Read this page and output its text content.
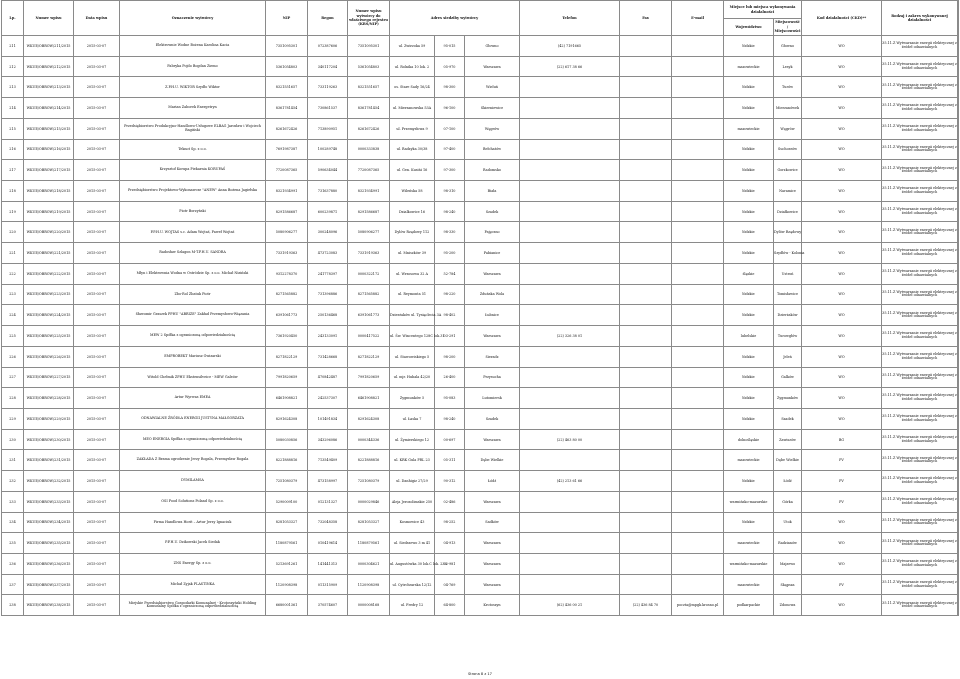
Lp.	Numer wpisu	Data wpisu	Oznaczenie wytwórcy	NIP	Regon	Numer wpisu wytwórcy do właściwego rejestru (KRS/NIP)	Adres siedziby wytwórcy			Telefon	Fax	E-mail	Miejsce lub miejsca wykonywania działalności		Kod działalności (CKD)**	Rodzaj i zakres wykonywanej działalności	
													Województwo	Miejscowość / Miejscowości			
211	WKUE/OBROW/211/2015	2015-03-07	Elektrownie Wodne Bożena Karolina Kacia	7351095301	072387606	7351095301	ul. Zwirzoka 59	95-015	Głowno	(42) 7191665			łódzkie	Głowno	WO	35.11.Z Wytwarzanie energii elektrycznej z źródeł odnawialnych	
212	WKUE/OBROW/212/2015	2015-03-07	Fabryka Pojdo Bogdan Ziemo	5361054803	340117204	5361054803	ul. Rolnika 10 lok. 2	05-970	Warszawa	(22) 617 38 66			mazowieckie	Lesyk	WO	35.11.Z Wytwarzanie energii elektrycznej z źródeł odnawialnych	
213	WKUE/OBROW/213/2015	2015-03-07	Z.P.H.U. WIKTOR Szydło Wiktor	8321551657	733119263	8321551657	os. Stare Sady 16/24	98-300	Wieluń				łódzkie	Turów	WO	35.11.Z Wytwarzanie energii elektrycznej z źródeł odnawialnych	
214	WKUE/OBROW/214/2015	2015-03-07	Marian Zaborek Energetryn	8361781454	730861537	8361781454	ul. Mierzanowska 53A	96-100	Skierniewice				łódzkie	Mierzanówek	WO	35.11.Z Wytwarzanie energii elektrycznej z źródeł odnawialnych	
215	WKUE/OBROW/215/2015	2015-03-07	Przedsiębiorstwo Produkcyjno-Handlowo-Usługowe ELBAG Jarosław i Wojciech Bagiński	8261672426	713890951	8261672426	ul. Przemysłowa 9	07-100	Węgrów				mazowieckie	Węgrów	WO	35.11.Z Wytwarzanie energii elektrycznej z źródeł odnawialnych	
216	WKUE/OBROW/216/2015	2015-03-07	Teknot Sp. z o.o.	7691987387	100289748	0000333838	ul. Radzyka 30/38	97-400	Bełchatów				łódzkie	Suchorzów	WO	35.11.Z Wytwarzanie energii elektrycznej z źródeł odnawialnych	
217	WKUE/OBROW/217/2015	2015-03-07	Krzysztof Korupa Piekarnia KORUPAŚ	7720087365	590634044	7720087365	ul. Gen. Kusińi 16	97-300	Radomsko				łódzkie	Gorzkowice	WO	35.11.Z Wytwarzanie energii elektrycznej z źródeł odnawialnych	
218	WKUE/OBROW/218/2015	2015-03-07	Przedsiębiorstwo Projektowo-Wykonawcze "ANEW" Anna Bożena Jagiełska	8321934991	731637880	8321934991	Wileńska 58	98-310	Biała				łódzkie	Naramice	WO	35.11.Z Wytwarzanie energii elektrycznej z źródeł odnawialnych	
219	WKUE/OBROW/219/2015	2015-03-07	Piotr Borzyński	8291586687	600239871	8291586687	Dzialkowice 16	98-240	Szadek				łódzkie	Działkowice	WO	35.11.Z Wytwarzanie energii elektrycznej z źródeł odnawialnych	
220	WKUE/OBROW/220/2015	2015-03-07	P.P.H.U. WOJTAS s.c. Adam Wojtaś, Paweł Wojtaś	5080906277	300248096	5080906277	Dylów Rządowy 112	98-330	Pajęczno				łódzkie	Dylów Rządowy	WO	35.11.Z Wytwarzanie energii elektrycznej z źródeł odnawialnych	
221	WKUE/OBROW/221/2015	2015-03-07	Radosław Szlagon M-T.P.H.U. SANDRA	7331919363	473723083	7331919363	ul. Mniszków 39	95-200	Pabianice				łódzkie	Szydłów - Kolonia	WO	35.11.Z Wytwarzanie energii elektrycznej z źródeł odnawialnych	
222	WKUE/OBROW/222/2015	2015-03-07	Młyn i Elektrownia Wodna w Ostródzie Sp. z o.o. Michał Niziński	9312278370	241778397	0000322172	ul. Wrzosowa 32 A	52-784	Warszawa				śląskie	Ustroń	WO	35.11.Z Wytwarzanie energii elektrycznej z źródeł odnawialnych	
223	WKUE/OBROW/223/2015	2015-03-07	Zbo-Rol Zbatuk Piotr	8271565882	731396886	8271565882	ul. Reymonta 51	98-220	Zduńska Wola				łódzkie	Tomisławice	WO	35.11.Z Wytwarzanie energii elektrycznej z źródeł odnawialnych	
224	WKUE/OBROW/224/2015	2015-03-07	Sławomir Graszek PPHU "ABRIZE" Zakład Przemysłowo-Wiązania	6391061773	250136468	6391061773	Dzierżaków ul. Tysiąclecia 3A	98-402	Łubnice				łódzkie	Dzierżaków	WO	35.11.Z Wytwarzanie energii elektrycznej z źródeł odnawialnych	
225	WKUE/OBROW/225/2015	2015-03-07	MEW 2 Spółka z ograniczoną odpowiedzialnością	7361920450	243133091	0000417522	ul. Św. Wincentego 128C lok.31	03-291	Warszawa	(22) 326 38 01			lubelskie	Turowgłów	WO	35.11.Z Wytwarzanie energii elektrycznej z źródeł odnawialnych	
226	WKUE/OBROW/226/2015	2015-03-07	EMPROBEKT Mariusz Gwizarski	8271822129	731428668	8271822129	ul. Stawowiskiego 5	98-200	Sieradz				łódzkie	Jeleń	WO	35.11.Z Wytwarzanie energii elektrycznej z źródeł odnawialnych	
227	WKUE/OBROW/227/2015	2015-03-07	Witold Chełmik ZPHU Ekstensilveice - MEW Galeów	7991820659	470842487	7991820659	ul. mjr. Hubala 42/20	26-400	Przysucha				łódzkie	Galków	WO	35.11.Z Wytwarzanie energii elektrycznej z źródeł odnawialnych	
228	WKUE/OBROW/228/2015	2015-03-07	Artur Wyrwas EMEA	6461908821	242537307	6461908821	Zygmunków 5	95-083	Lutomiersk				łódzkie	Zygmunków	WO	35.11.Z Wytwarzanie energii elektrycznej z źródeł odnawialnych	
229	WKUE/OBROW/229/2015	2015-03-07	ODNAWIALNE ŹRÓDŁA ENERGII JUSTYNA MAŁGORZATA	8291624308	101491834	8291624308	ul. Łaska 7	98-240	Szadek				łódzkie	Szadek	WO	35.11.Z Wytwarzanie energii elektrycznej z źródeł odnawialnych	
230	WKUE/OBROW/230/2015	2015-03-07	MEO ENERGIA Spółka z ograniczoną odpowiedzialnością	5080030856	343296086	0000344336	ul. Żymierskiego 12	00-697	Warszawa	(22) 463 80 00			dolnośląskie	Zawiszów	BG	35.11.Z Wytwarzanie energii elektrycznej z źródeł odnawialnych	
231	WKUE/OBROW/231/2015	2015-03-07	ZAKŁADA Z Brama ogrodzenie Jerzy Rogala, Przemysław Rogala	8221888816	713549409	8221888816	ul. KRK Gula PRL 23	05-311	Dębe Wielkie				mazowieckie	Dębe Wielkie	PV	35.11.Z Wytwarzanie energii elektrycznej z źródeł odnawialnych	
232	WKUE/OBROW/232/2015	2015-03-07	DYMILAMSA	7251080379	473158997	7251080379	ul. Danhigiz 27/29	90-312	Łódź	(42) 213 61 66			łódzkie	Łódź	PV	35.11.Z Wytwarzanie energii elektrycznej z źródeł odnawialnych	
233	WKUE/OBROW/233/2015	2015-03-07	OSI Food Solutions Poland Sp. z o.o.	5290009100	012131327	0000029846	Aleja Jerozolimskie 250	02-486	Warszawa				warmińsko-mazurskie	Górka	PV	35.11.Z Wytwarzanie energii elektrycznej z źródeł odnawialnych	
234	WKUE/OBROW/234/2015	2015-03-07	Firma Handlowa Horit – Artur Jerzy Ignaciuk	8281053327	732048358	8281053327	Kosmowice 43	98-252	Sadków				łódzkie	Utok	WO	35.11.Z Wytwarzanie energii elektrycznej z źródeł odnawialnych	
235	WKUE/OBROW/235/2015	2015-03-07	P.P.H.U. Dzikowski Jacek Siedak	1180879561	010419614	1180879561	ul. Siedszewo 3 m 41	04-913	Warszawa				mazowieckie	Radzianów	WO	35.11.Z Wytwarzanie energii elektrycznej z źródeł odnawialnych	
236	WKUE/OBROW/236/2015	2015-03-07	ZNS Energy Sp. z o.o.	5213691261	141441313	0000304621	ul. Augustówka 30 lok.C lok. 230	02-981	Warszawa				warmińsko-mazurskie	Majzewo	WO	35.11.Z Wytwarzanie energii elektrycznej z źródeł odnawialnych	
237	WKUE/OBROW/237/2015	2015-03-07	Michał Zyjak PLASTINKA	1120908398	011315909	1120908398	ul. Cytrchrarska 12/12	04-769	Warszawa				mazowieckie	Skępsza	PV	35.11.Z Wytwarzanie energii elektrycznej z źródeł odnawialnych	
238	WKUE/OBROW/238/2015	2015-03-07	Miejskie Przedsiębiorstwo Gospodarki Komunalnej - Krotoszyński Holding Komunalny Spółka z ograniczoną odpowiedzialnością	6680001361	370574607	0000008168	ul. Fredry 12	64-800	Krotoszyn	(62) 436 00 21	(22) 436 84 70	poczta@mpgk.krosno.pl	podkarpackie	Zdonowa	WO	35.11.Z Wytwarzanie energii elektrycznej z źródeł odnawialnych	
Strona 8 z 17
